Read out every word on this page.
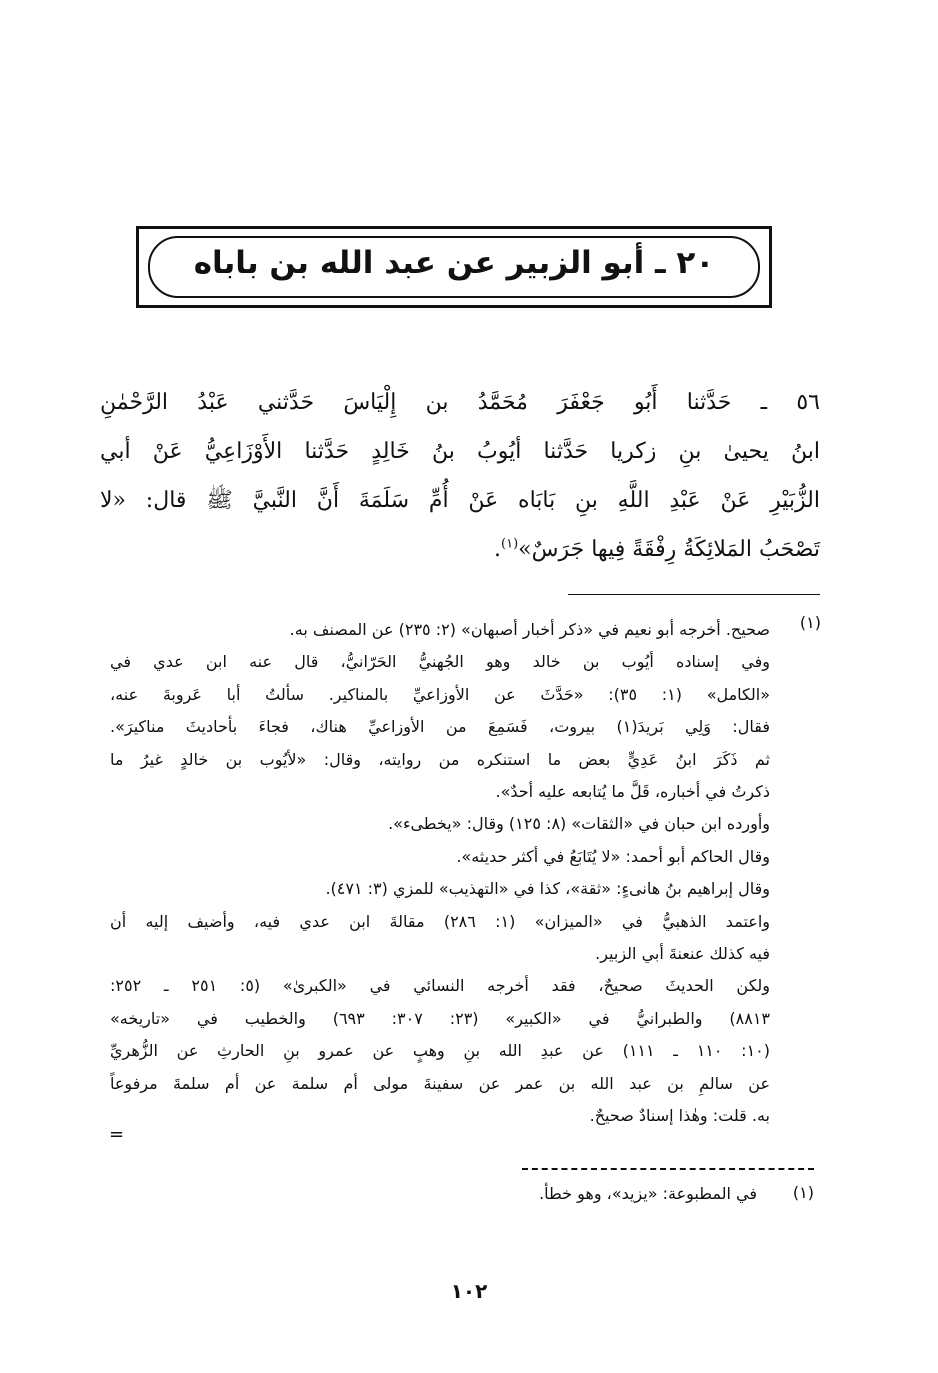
٢٠ ـ أبو الزبير عن عبد الله بن باباه
٥٦ ـ حَدَّثنا أَبُو جَعْفَرَ مُحَمَّدُ بن إِلْيَاسَ حَدَّثني عَبْدُ الرَّحْمٰنِ
ابنُ يحيىٰ بنِ زكريا حَدَّثنا أيُوبُ بنُ خَالِدٍ حَدَّثنا الأَوْزَاعِيُّ عَنْ أبي
الزُّبَيْرِ عَنْ عَبْدِ اللَّهِ بنِ بَابَاه عَنْ أُمِّ سَلَمَةَ أَنَّ النَّبيَّ ﷺ قال: «لا
تَصْحَبُ المَلائِكَةُ رِفْقَةً فِيها جَرَسٌ»$^{(١)}$.
(١)
صحيح. أخرجه أبو نعيم في «ذكر أخبار أصبهان» (٢: ٢٣٥) عن المصنف به.
وفي إسناده أيُوب بن خالد وهو الجُهنيُّ الحَرّانيُّ، قال عنه ابن عدي في
«الكامل» (١: ٣٥): «حَدَّثَ عن الأوزاعيِّ بالمناكير. سألتُ أبا عَروبةَ عنه،
فقال: وَلِي بَريدَ(١) بيروت، فَسَمِعَ من الأوزاعيِّ هناك، فجاءَ بأحاديثَ مناكيرَ».
ثم ذَكَرَ ابنُ عَدِيٍّ بعض ما استنكره من روايته، وقال: «لأيُوب بن خالدٍ غيرُ ما
ذكرتُ في أخباره، قَلَّ ما يُتابعه عليه أحدٌ».
وأورده ابن حبان في «الثقات» (٨: ١٢٥) وقال: «يخطىء».
وقال الحاكم أبو أحمد: «لا يُتَابَعُ في أكثر حديثه».
وقال إبراهيم بنُ هانىءٍ: «ثقة»، كذا في «التهذيب» للمزي (٣: ٤٧١).
واعتمد الذهبيُّ في «الميزان» (١: ٢٨٦) مقالةَ ابن عدي فيه، وأضيف إليه أن
فيه كذلك عنعنةَ أبي الزبير.
ولكن الحديثَ صحيحٌ، فقد أخرجه النسائي في «الكبرىٰ» (٥: ٢٥١ ـ ٢٥٢:
٨٨١٣) والطبرانيُّ في «الكبير» (٢٣: ٣٠٧: ٦٩٣) والخطيب في «تاريخه»
(١٠: ١١٠ ـ ١١١) عن عبدِ الله بنِ وهبٍ عن عمرو بنِ الحارثِ عن الزُّهريِّ
عن سالمِ بن عبد الله بن عمر عن سفينةَ مولى أم سلمة عن أم سلمةَ مرفوعاً
به. قلت: وهٰذا إسنادٌ صحيحٌ.
=
(١)
في المطبوعة: «يزيد»، وهو خطأ.
١٠٢
